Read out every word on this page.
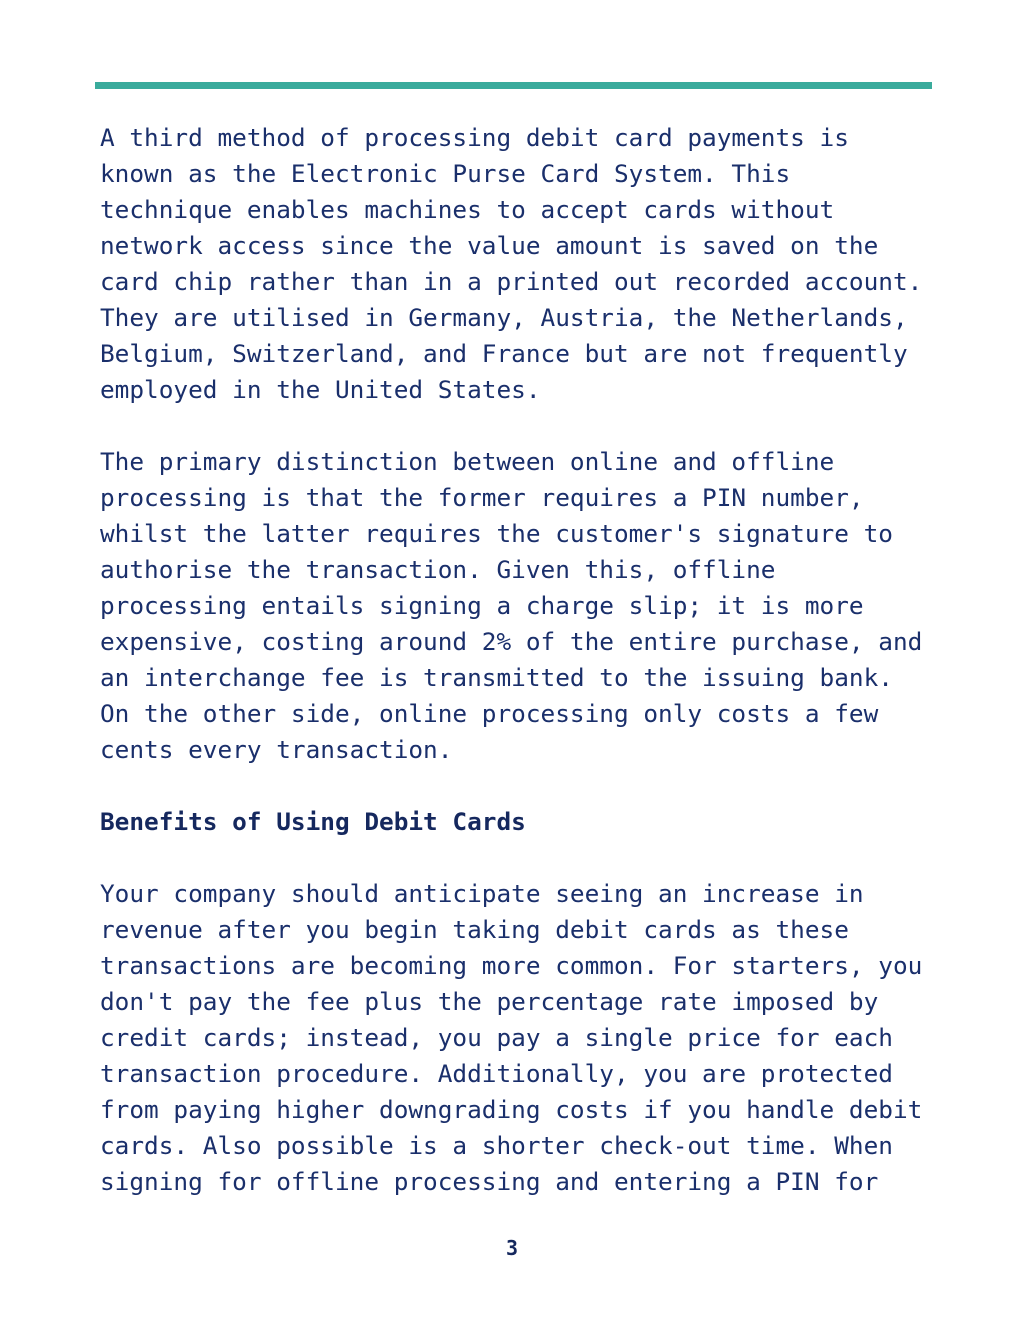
A third method of processing debit card payments is
known as the Electronic Purse Card System. This
technique enables machines to accept cards without
network access since the value amount is saved on the
card chip rather than in a printed out recorded account.
They are utilised in Germany, Austria, the Netherlands,
Belgium, Switzerland, and France but are not frequently
employed in the United States.

The primary distinction between online and offline
processing is that the former requires a PIN number,
whilst the latter requires the customer's signature to
authorise the transaction. Given this, offline
processing entails signing a charge slip; it is more
expensive, costing around 2% of the entire purchase, and
an interchange fee is transmitted to the issuing bank.
On the other side, online processing only costs a few
cents every transaction.

Benefits of Using Debit Cards

Your company should anticipate seeing an increase in
revenue after you begin taking debit cards as these
transactions are becoming more common. For starters, you
don't pay the fee plus the percentage rate imposed by
credit cards; instead, you pay a single price for each
transaction procedure. Additionally, you are protected
from paying higher downgrading costs if you handle debit
cards. Also possible is a shorter check-out time. When
signing for offline processing and entering a PIN for

3
